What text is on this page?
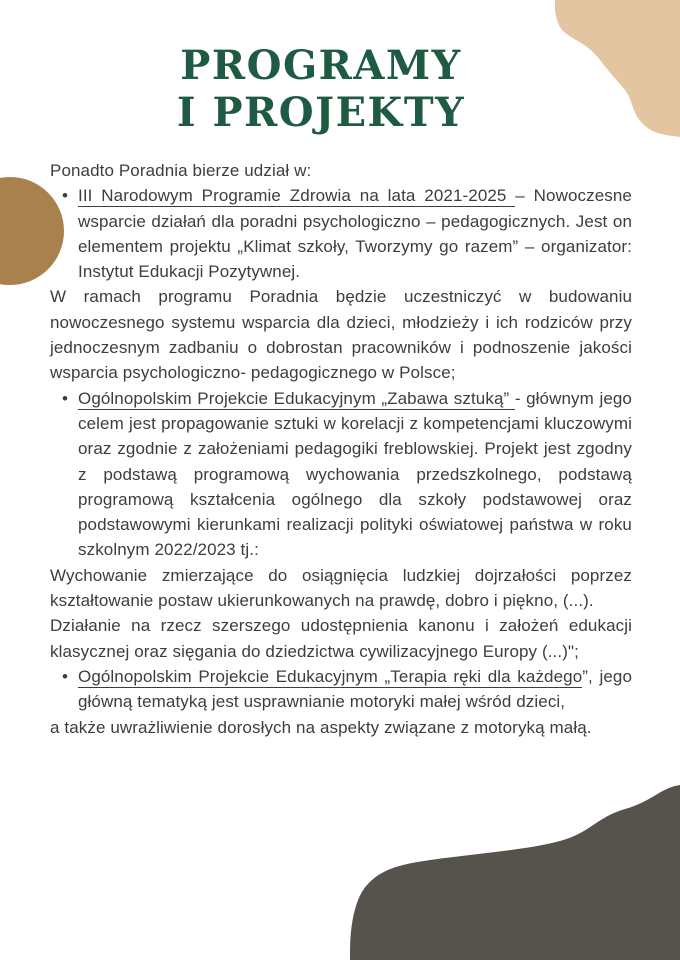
PROGRAMY
I PROJEKTY

Ponadto Poradnia bierze udział w:

• III Narodowym Programie Zdrowia na lata 2021-2025 – Nowoczesne wsparcie działań dla poradni psychologiczno – pedagogicznych. Jest on elementem projektu „Klimat szkoły, Tworzymy go razem” – organizator: Instytut Edukacji Pozytywnej.

W ramach programu Poradnia będzie uczestniczyć w budowaniu nowoczesnego systemu wsparcia dla dzieci, młodzieży i ich rodziców przy jednoczesnym zadbaniu o dobrostan pracowników i podnoszenie jakości wsparcia psychologiczno- pedagogicznego w Polsce;

• Ogólnopolskim Projekcie Edukacyjnym „Zabawa sztuką” - głównym jego celem jest propagowanie sztuki w korelacji z kompetencjami kluczowymi oraz zgodnie z założeniami pedagogiki freblowskiej. Projekt jest zgodny z podstawą programową wychowania przedszkolnego, podstawą programową kształcenia ogólnego dla szkoły podstawowej oraz podstawowymi kierunkami realizacji polityki oświatowej państwa w roku szkolnym 2022/2023 tj.:

Wychowanie zmierzające do osiągnięcia ludzkiej dojrzałości poprzez kształtowanie postaw ukierunkowanych na prawdę, dobro i piękno, (...).

Działanie na rzecz szerszego udostępnienia kanonu i założeń edukacji klasycznej oraz sięgania do dziedzictwa cywilizacyjnego Europy (...)";

• Ogólnopolskim Projekcie Edukacyjnym „Terapia ręki dla każdego”, jego główną tematyką jest usprawnianie motoryki małej wśród dzieci,

a także uwrażliwienie dorosłych na aspekty związane z motoryką małą.
